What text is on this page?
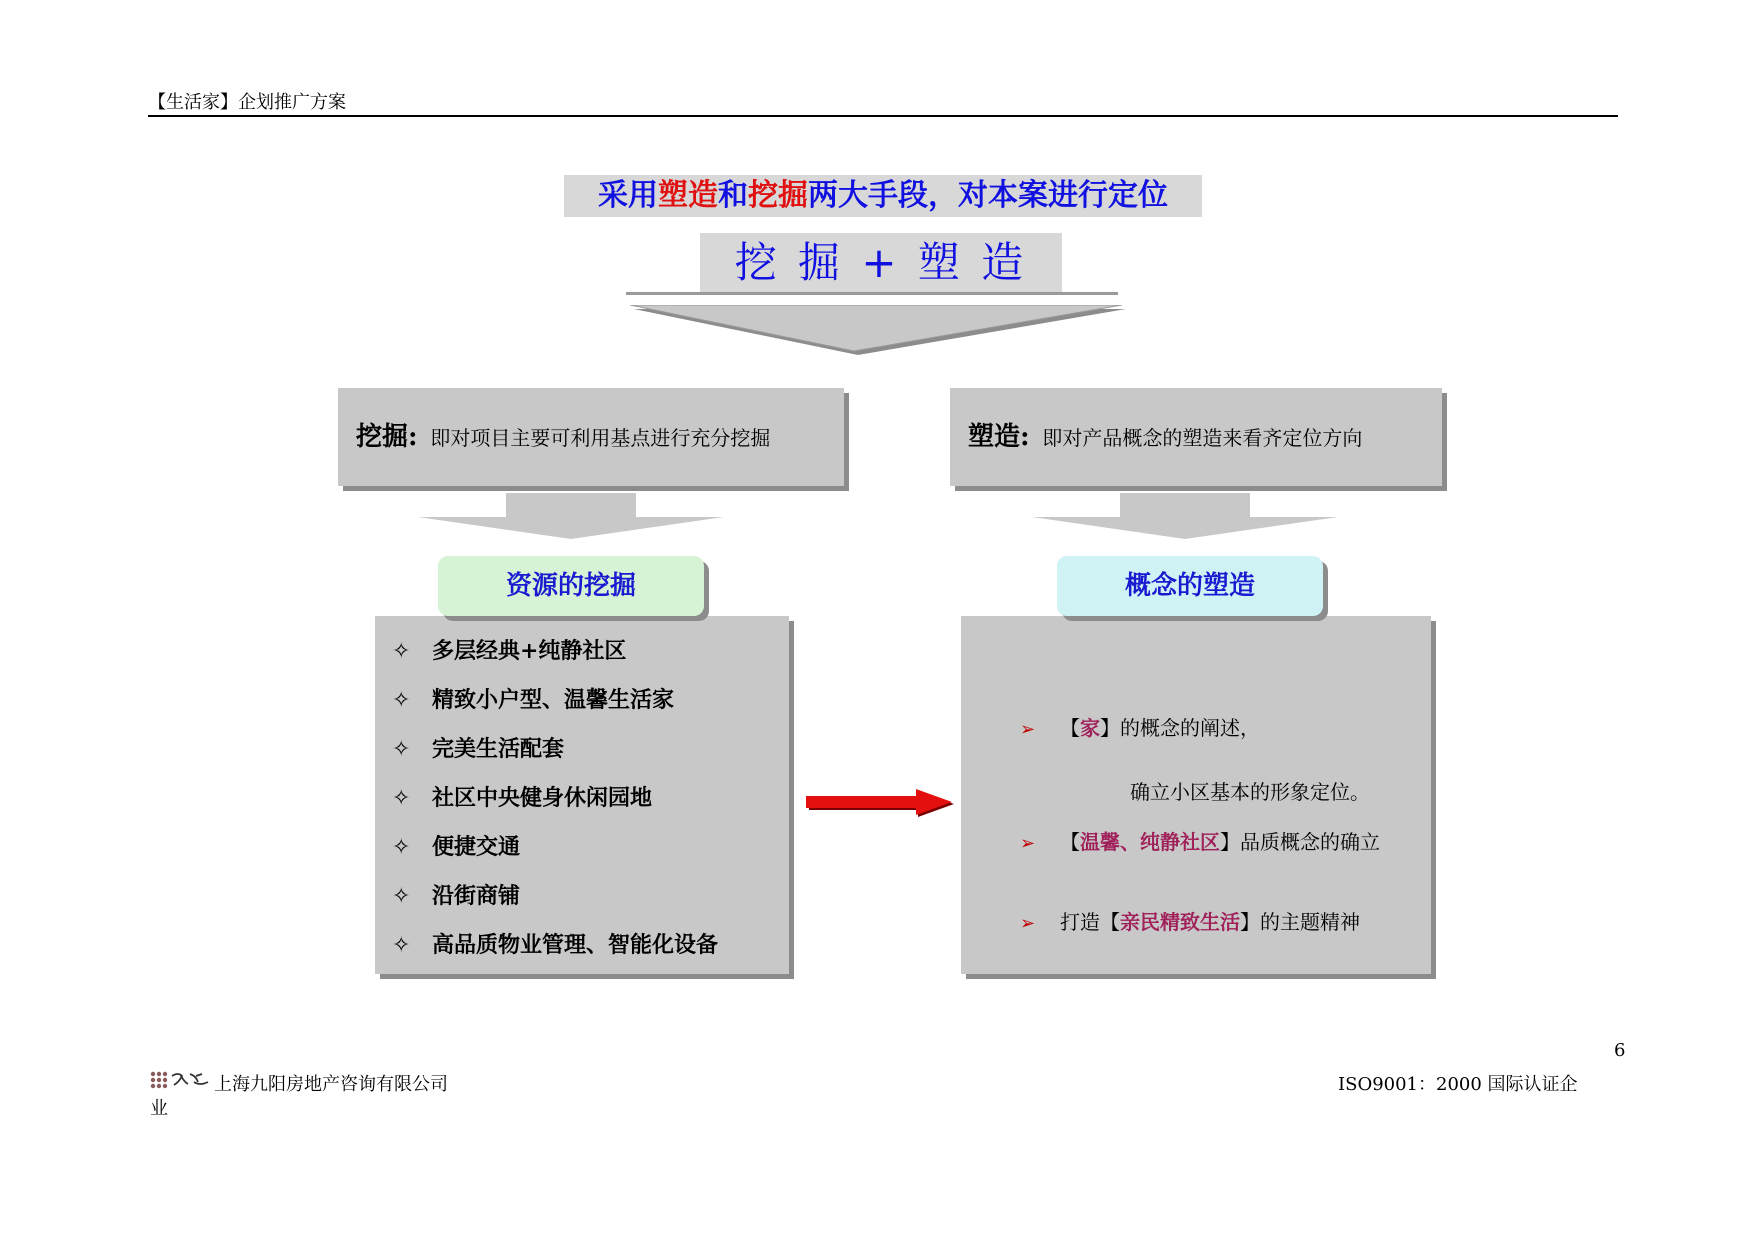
【生活家】企划推广方案
采用塑造和挖掘两大手段，对本案进行定位
挖 掘 + 塑 造
挖掘: 即对项目主要可利用基点进行充分挖掘	塑造: 即对产品概念的塑造来看齐定位方向
资源的挖掘
✧ 多层经典+纯静社区
✧ 精致小户型、温馨生活家
✧ 完美生活配套
✧ 社区中央健身休闲园地
✧ 便捷交通
✧ 沿街商铺
✧ 高品质物业管理、智能化设备
概念的塑造
➢ 【家】的概念的阐述，
确立小区基本的形象定位。
➢ 【温馨、纯静社区】品质概念的确立
➢ 打造【亲民精致生活】的主题精神
6
上海九阳房地产咨询有限公司	ISO9001：2000 国际认证企
业
